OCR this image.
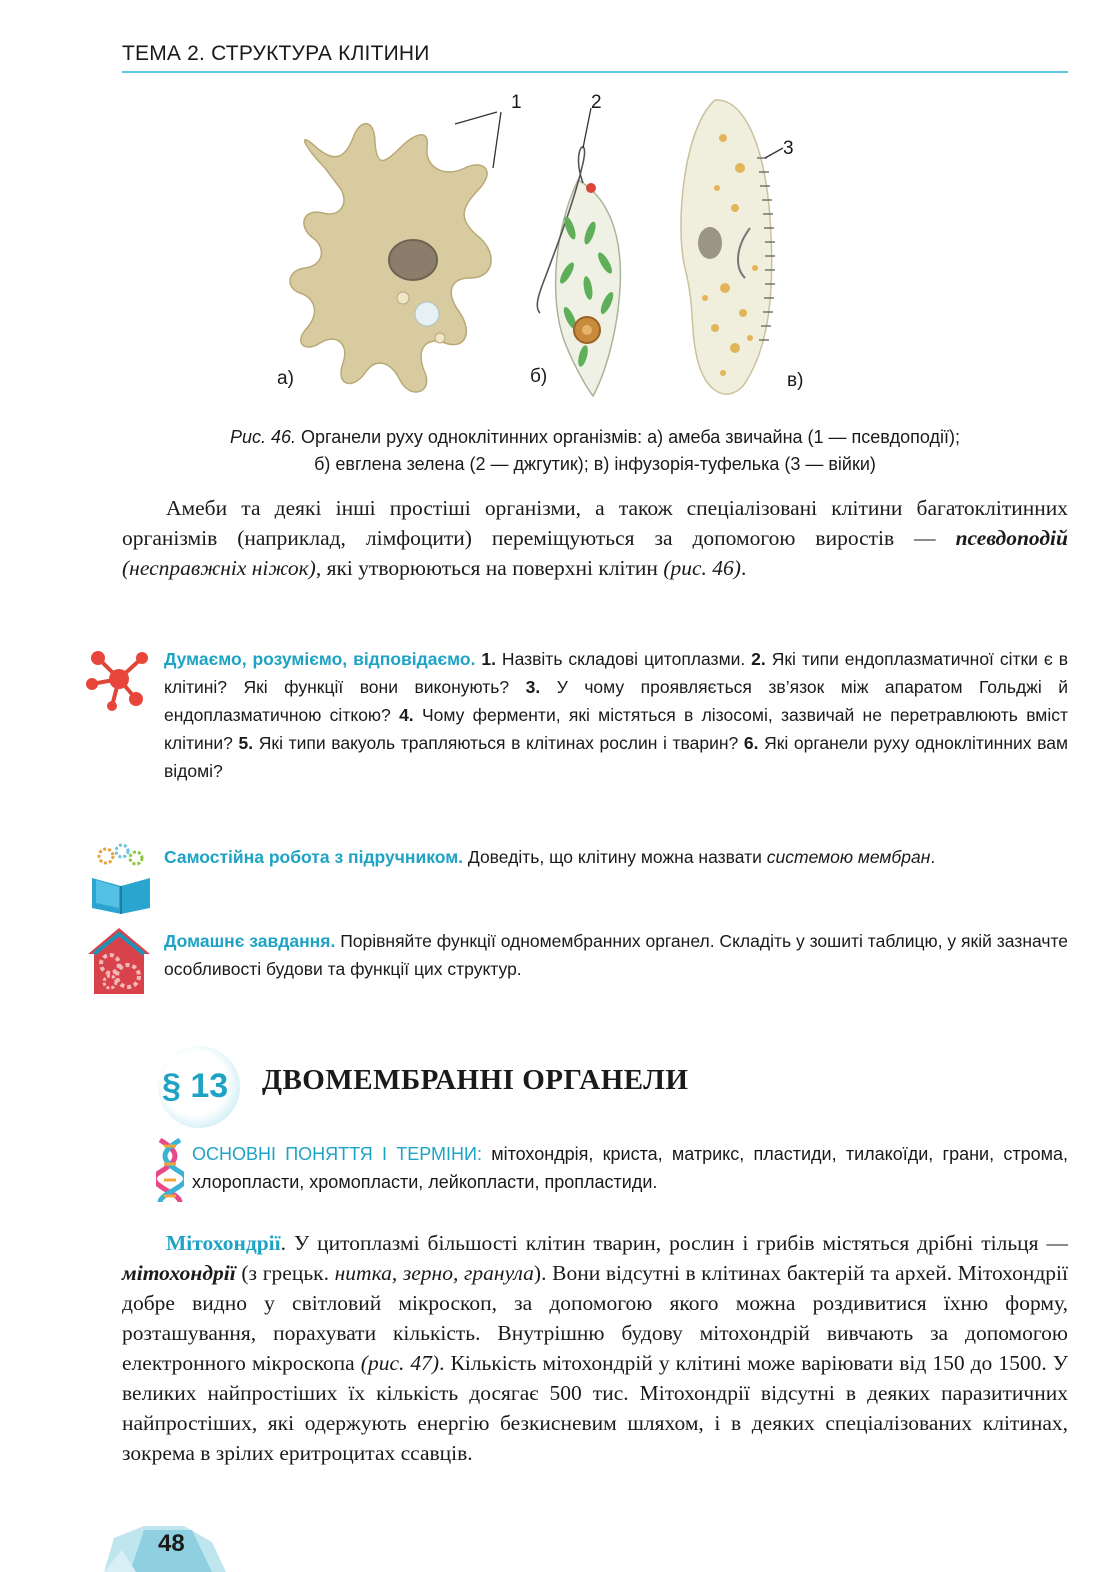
ТЕМА 2. СТРУКТУРА КЛІТИНИ
1	2
3
а)	б)	в)
Рис. 46. Органели руху одноклітинних організмів: а) амеба звичайна (1 — псевдоподії);
б) евглена зелена (2 — джгутик); в) інфузорія-туфелька (3 — війки)

Амеби та деякі інші простіші організми, а також спеціалізовані клітини багатоклітинних організмів (наприклад, лімфоцити) переміщуються за допомогою виростів — псевдоподій (несправжніх ніжок), які утворюються на поверхні клітин (рис. 46).

Думаємо, розуміємо, відповідаємо. 1. Назвіть складові цитоплазми. 2. Які типи ендоплазматичної сітки є в клітині? Які функції вони виконують? 3. У чому проявляється зв’язок між апаратом Гольджі й ендоплазматичною сіткою? 4. Чому ферменти, які містяться в лізосомі, зазвичай не перетравлюють вміст клітини? 5. Які типи вакуоль трапляються в клітинах рослин і тварин? 6. Які органели руху одноклітинних вам відомі?
Самостійна робота з підручником. Доведіть, що клітину можна назвати системою мембран.
Домашнє завдання. Порівняйте функції одномембранних органел. Складіть у зошиті таблицю, у якій зазначте особливості будови та функції цих структур.
§ 13 ДВОМЕМБРАННІ ОРГАНЕЛИ
ОСНОВНІ ПОНЯТТЯ І ТЕРМІНИ: мітохондрія, криста, матрикс, пластиди, тилакоїди, грани, строма, хлоропласти, хромопласти, лейкопласти, пропластиди.

Мітохондрії. У цитоплазмі більшості клітин тварин, рослин і грибів містяться дрібні тільця — мітохондрії (з грецьк. нитка, зерно, гранула). Вони відсутні в клітинах бактерій та архей. Мітохондрії добре видно у світловий мікроскоп, за допомогою якого можна роздивитися їхню форму, розташування, порахувати кількість. Внутрішню будову мітохондрій вивчають за допомогою електронного мікроскопа (рис. 47). Кількість мітохондрій у клітині може варіювати від 150 до 1500. У великих найпростіших їх кількість досягає 500 тис. Мітохондрії відсутні в деяких паразитичних найпростіших, які одержують енергію безкисневим шляхом, і в деяких спеціалізованих клітинах, зокрема в зрілих еритроцитах ссавців.

48
